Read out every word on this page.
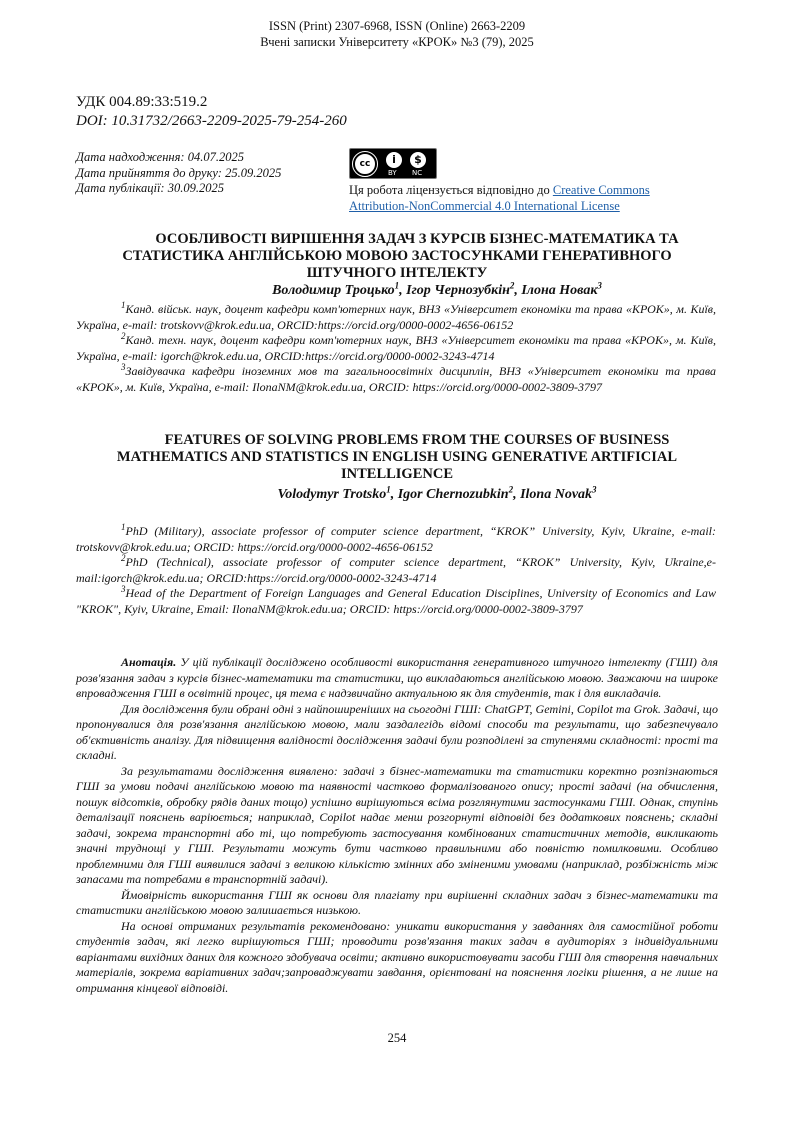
ISSN (Print) 2307-6968, ISSN (Online) 2663-2209
Вчені записки Університету «КРОК» №3 (79), 2025
УДК 004.89:33:519.2
DOI: 10.31732/2663-2209-2025-79-254-260
Дата надходження: 04.07.2025
Дата прийняття до друку: 25.09.2025
Дата публікації: 30.09.2025
cc	i	$
BY NC
Ця робота ліцензується відповідно до Creative Commons
Attribution-NonCommercial 4.0 International License
ОСОБЛИВОСТІ ВИРІШЕННЯ ЗАДАЧ З КУРСІВ БІЗНЕС-МАТЕМАТИКА ТА
СТАТИСТИКА АНГЛІЙСЬКОЮ МОВОЮ ЗАСТОСУНКАМИ ГЕНЕРАТИВНОГО
ШТУЧНОГО ІНТЕЛЕКТУ
Володимир Троцько$^1$, Ігор Чернозубкін$^2$, Ілона Новак$^3$

$^1$Канд. військ. наук, доцент кафедри комп'ютерних наук, ВНЗ «Університет економіки та права «КРОК», м. Київ, Україна, e-mail: trotskovv@krok.edu.ua, ORCID:https://orcid.org/0000-0002-4656-06152

$^2$Канд. техн. наук, доцент кафедри комп'ютерних наук, ВНЗ «Університет економіки та права «КРОК», м. Київ, Україна, e-mail: igorch@krok.edu.ua, ORCID:https://orcid.org/0000-0002-3243-4714

$^3$Завідувачка кафедри іноземних мов та загальноосвітніх дисциплін, ВНЗ «Університет економіки та права «КРОК», м. Київ, Україна, e-mail: IlonaNM@krok.edu.ua, ORCID: https://orcid.org/0000-0002-3809-3797

FEATURES OF SOLVING PROBLEMS FROM THE COURSES OF BUSINESS
MATHEMATICS AND STATISTICS IN ENGLISH USING GENERATIVE ARTIFICIAL
INTELLIGENCE
Volodymyr Trotsko$^1$, Igor Chernozubkin$^2$, Ilona Novak$^3$

$^1$PhD (Military), associate professor of computer science department, “KROK” University, Kyiv, Ukraine, e-mail: trotskovv@krok.edu.ua; ORCID: https://orcid.org/0000-0002-4656-06152

$^2$PhD (Technical), associate professor of computer science department, “KROK” University, Kyiv, Ukraine,e-mail:igorch@krok.edu.ua; ORCID:https://orcid.org/0000-0002-3243-4714

$^3$Head of the Department of Foreign Languages and General Education Disciplines, University of Economics and Law "KROK", Kyiv, Ukraine, Email: IlonaNM@krok.edu.ua; ORCID: https://orcid.org/0000-0002-3809-3797

Анотація. У цій публікації досліджено особливості використання генеративного штучного інтелекту (ГШІ) для розв'язання задач з курсів бізнес-математики та статистики, що викладаються англійською мовою. Зважаючи на широке впровадження ГШІ в освітній процес, ця тема є надзвичайно актуальною як для студентів, так і для викладачів.

Для дослідження були обрані одні з найпоширеніших на сьогодні ГШІ: ChatGPT, Gemini, Copilot та Grok. Задачі, що пропонувалися для розв'язання англійською мовою, мали заздалегідь відомі способи та результати, що забезпечувало об'єктивність аналізу. Для підвищення валідності дослідження задачі були розподілені за ступенями складності: прості та складні.

За результатами дослідження виявлено: задачі з бізнес-математики та статистики коректно розпізнаються ГШІ за умови подачі англійською мовою та наявності частково формалізованого опису; прості задачі (на обчислення, пошук відсотків, обробку рядів даних тощо) успішно вирішуються всіма розглянутими застосунками ГШІ. Однак, ступінь деталізації пояснень варіюється; наприклад, Copilot надає менш розгорнуті відповіді без додаткових пояснень; складні задачі, зокрема транспортні або ті, що потребують застосування комбінованих статистичних методів, викликають значні труднощі у ГШІ. Результати можуть бути частково правильними або повністю помилковими. Особливо проблемними для ГШІ виявилися задачі з великою кількістю змінних або зміненими умовами (наприклад, розбіжність між запасами та потребами в транспортній задачі).

Ймовірність використання ГШІ як основи для плагіату при вирішенні складних задач з бізнес-математики та статистики англійською мовою залишається низькою.

На основі отриманих результатів рекомендовано: уникати використання у завданнях для самостійної роботи студентів задач, які легко вирішуються ГШІ; проводити розв'язання таких задач в аудиторіях з індивідуальними варіантами вихідних даних для кожного здобувача освіти; активно використовувати засоби ГШІ для створення навчальних матеріалів, зокрема варіативних задач;запроваджувати завдання, орієнтовані на пояснення логіки рішення, а не лише на отримання кінцевої відповіді.

254
